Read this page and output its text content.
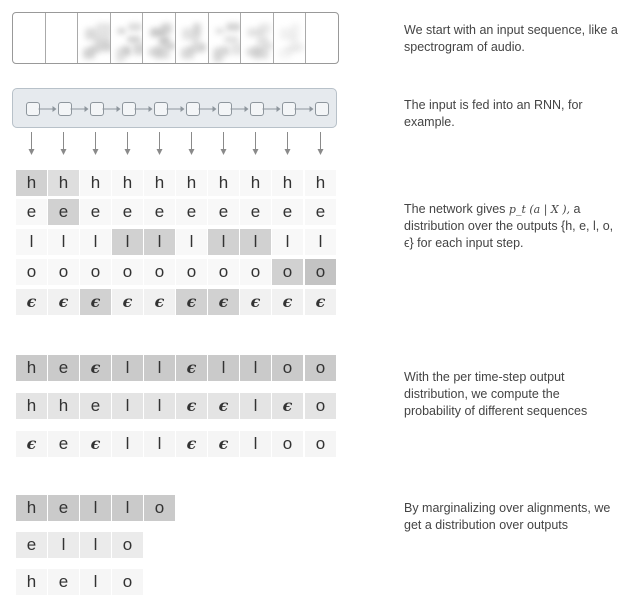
h	h	h	h	h	h	h	h	h	h
e	e	e	e	e	e	e	e	e	e
l	l	l	l	l	l	l	l	l	l
o	o	o	o	o	o	o	o	o	o
ϵ	ϵ	ϵ	ϵ	ϵ	ϵ	ϵ	ϵ	ϵ	ϵ
h	e	ϵ	l	l	ϵ	l	l	o	o
h	h	e	l	l	ϵ	ϵ	l	ϵ	o
ϵ	e	ϵ	l	l	ϵ	ϵ	l	o	o
h	e	l	l	o
e	l	l	o
h	e	l	o
We start with an input sequence, like a spectrogram of audio.
The input is fed into an RNN, for example.
The network gives p_t (a | X ), a distribution over the outputs {h, e, l, o, ϵ} for each input step.
With the per time-step output distribution, we compute the probability of different sequences
By marginalizing over alignments, we get a distribution over outputs
